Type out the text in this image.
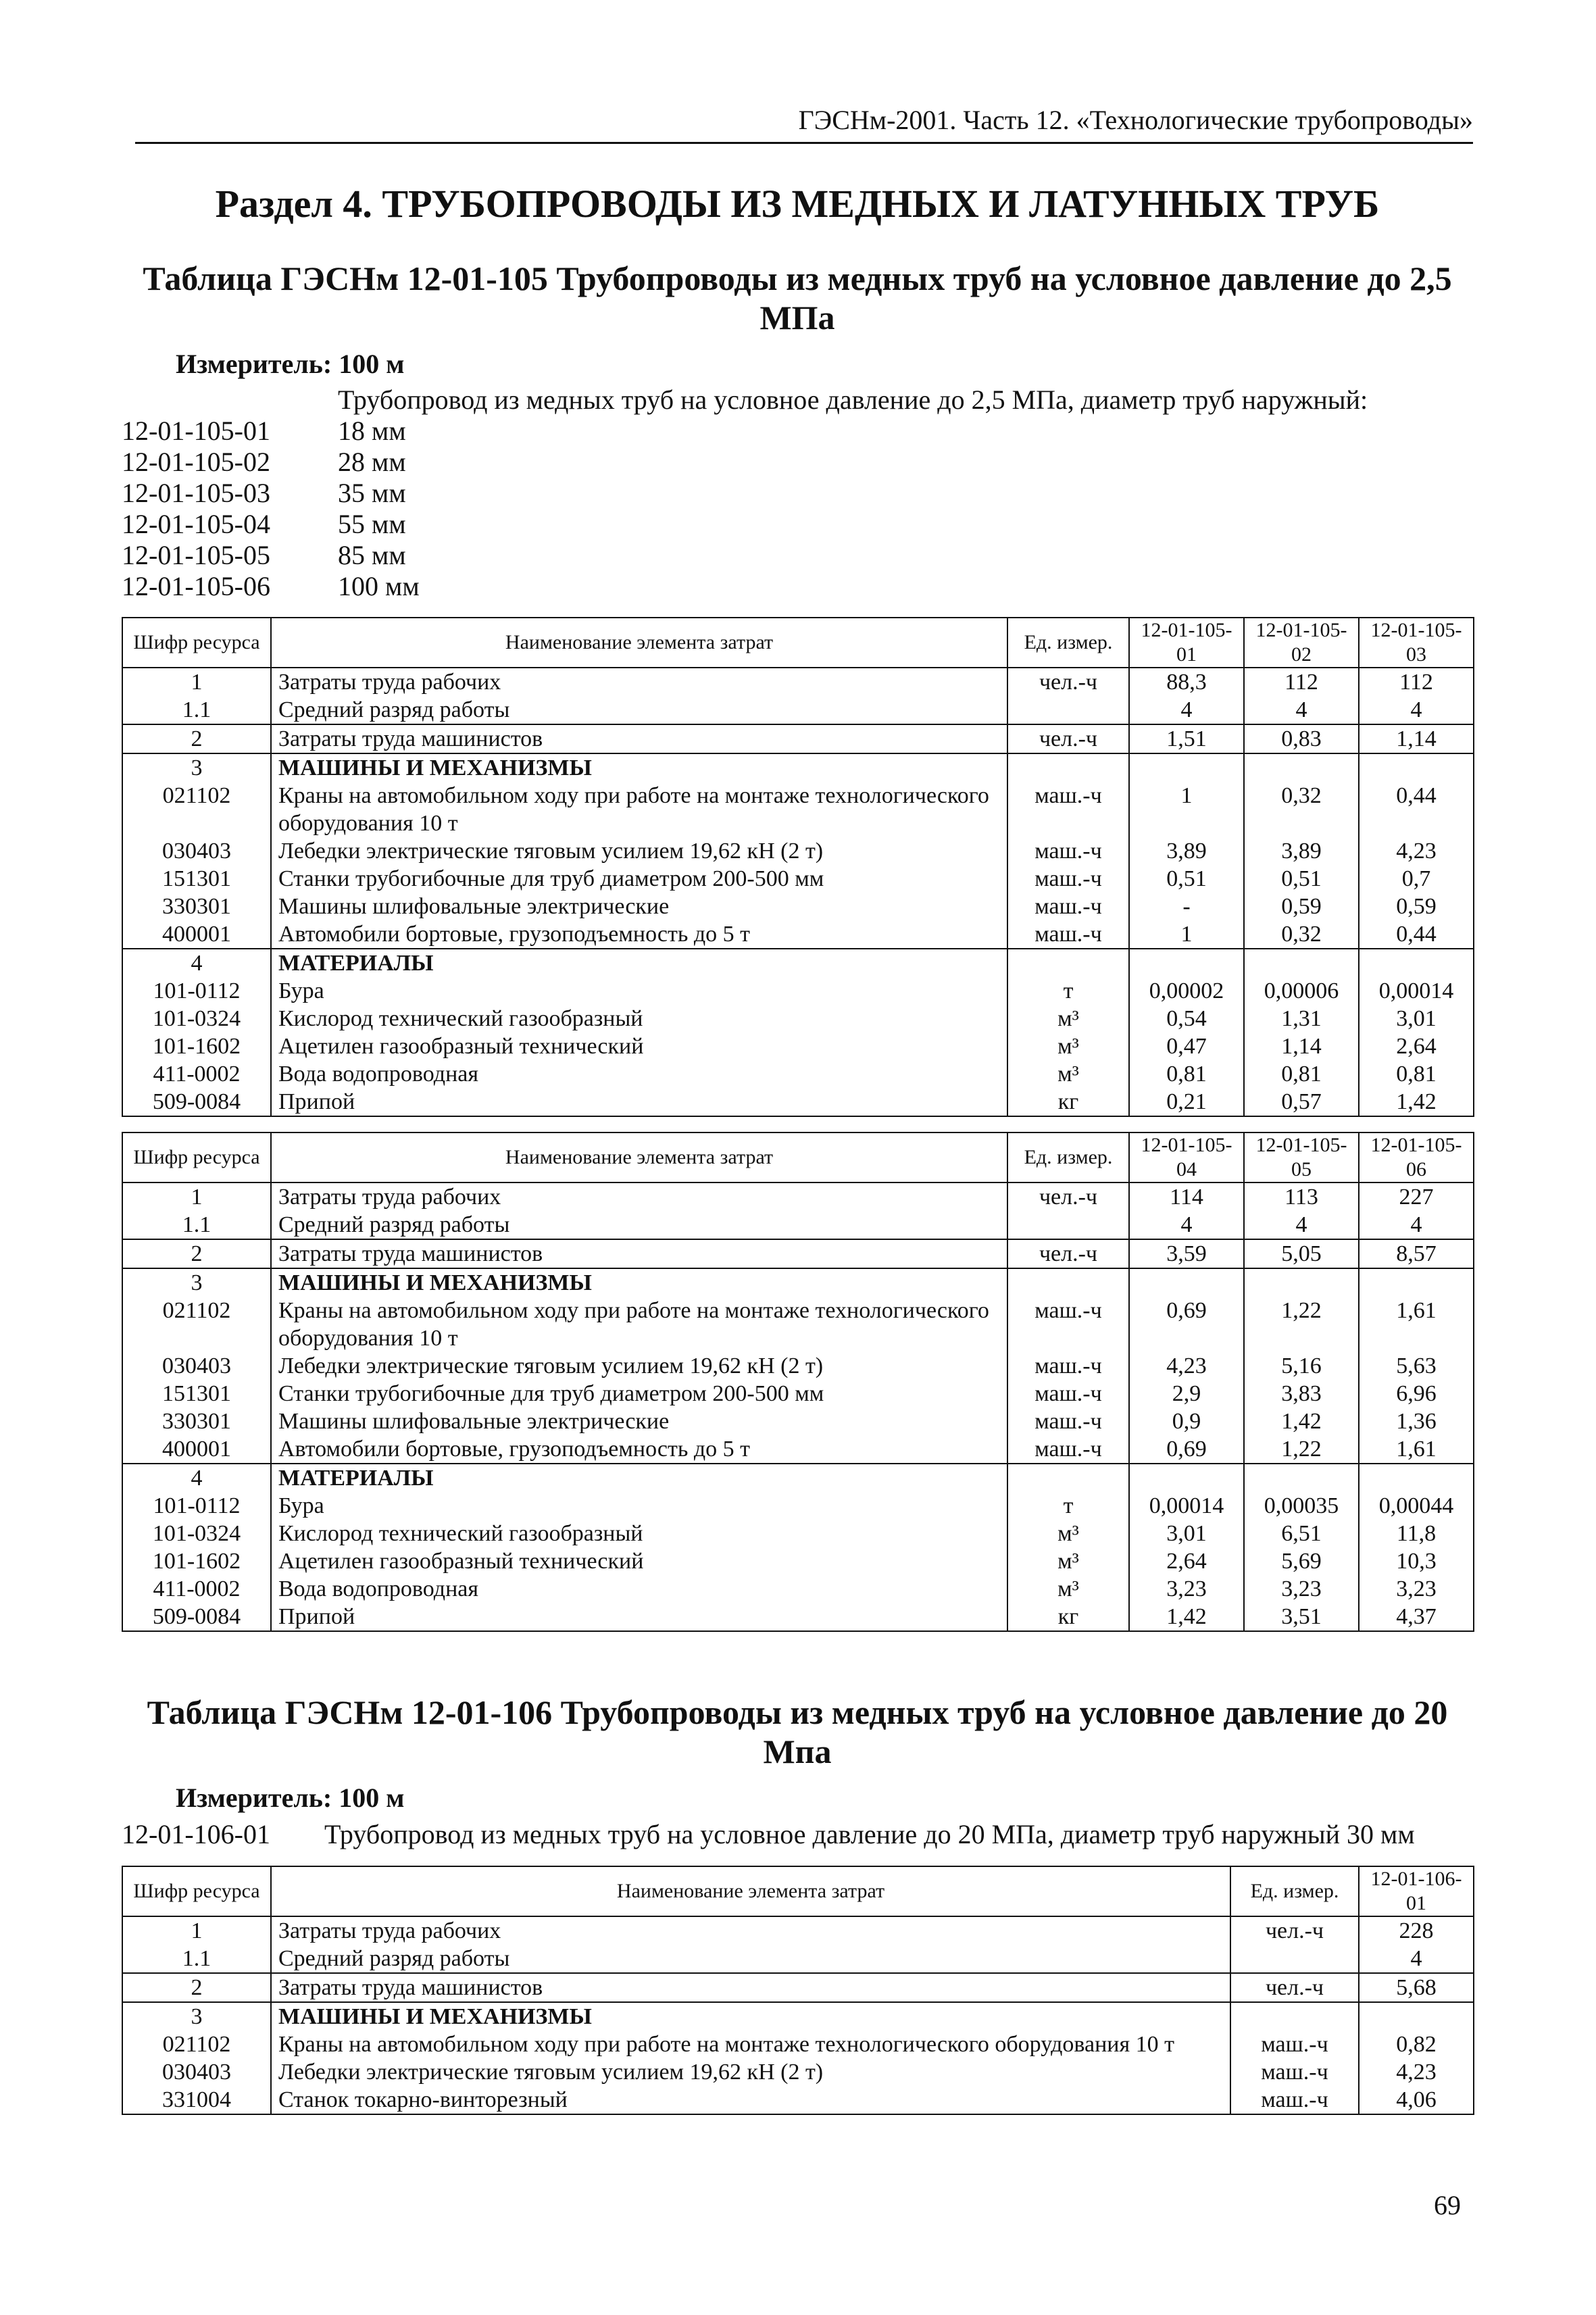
ГЭСНм-2001. Часть 12. «Технологические трубопроводы»
Раздел 4. ТРУБОПРОВОДЫ ИЗ МЕДНЫХ И ЛАТУННЫХ ТРУБ
Таблица ГЭСНм 12-01-105 Трубопроводы из медных труб на условное давление до 2,5 МПа
Измеритель: 100 м
Трубопровод из медных труб на условное давление до 2,5 МПа, диаметр труб наружный:
12-01-105-01	18 мм
12-01-105-02	28 мм
12-01-105-03	35 мм
12-01-105-04	55 мм
12-01-105-05	85 мм
12-01-105-06	100 мм
Шифр ресурса	Наименование элемента затрат	Ед. измер.	12-01-105-01	12-01-105-02	12-01-105-03
1	Затраты труда рабочих	чел.-ч	88,3	112	112
1.1	Средний разряд работы		4	4	4
2	Затраты труда машинистов	чел.-ч	1,51	0,83	1,14
3	МАШИНЫ И МЕХАНИЗМЫ				
021102	Краны на автомобильном ходу при работе на монтаже технологического оборудования 10 т	маш.-ч	1	0,32	0,44
030403	Лебедки электрические тяговым усилием 19,62 кН (2 т)	маш.-ч	3,89	3,89	4,23
151301	Станки трубогибочные для труб диаметром 200-500 мм	маш.-ч	0,51	0,51	0,7
330301	Машины шлифовальные электрические	маш.-ч	-	0,59	0,59
400001	Автомобили бортовые, грузоподъемность до 5 т	маш.-ч	1	0,32	0,44
4	МАТЕРИАЛЫ				
101-0112	Бура	т	0,00002	0,00006	0,00014
101-0324	Кислород технический газообразный	м³	0,54	1,31	3,01
101-1602	Ацетилен газообразный технический	м³	0,47	1,14	2,64
411-0002	Вода водопроводная	м³	0,81	0,81	0,81
509-0084	Припой	кг	0,21	0,57	1,42
Шифр ресурса	Наименование элемента затрат	Ед. измер.	12-01-105-04	12-01-105-05	12-01-105-06
1	Затраты труда рабочих	чел.-ч	114	113	227
1.1	Средний разряд работы		4	4	4
2	Затраты труда машинистов	чел.-ч	3,59	5,05	8,57
3	МАШИНЫ И МЕХАНИЗМЫ				
021102	Краны на автомобильном ходу при работе на монтаже технологического оборудования 10 т	маш.-ч	0,69	1,22	1,61
030403	Лебедки электрические тяговым усилием 19,62 кН (2 т)	маш.-ч	4,23	5,16	5,63
151301	Станки трубогибочные для труб диаметром 200-500 мм	маш.-ч	2,9	3,83	6,96
330301	Машины шлифовальные электрические	маш.-ч	0,9	1,42	1,36
400001	Автомобили бортовые, грузоподъемность до 5 т	маш.-ч	0,69	1,22	1,61
4	МАТЕРИАЛЫ				
101-0112	Бура	т	0,00014	0,00035	0,00044
101-0324	Кислород технический газообразный	м³	3,01	6,51	11,8
101-1602	Ацетилен газообразный технический	м³	2,64	5,69	10,3
411-0002	Вода водопроводная	м³	3,23	3,23	3,23
509-0084	Припой	кг	1,42	3,51	4,37
Таблица ГЭСНм 12-01-106 Трубопроводы из медных труб на условное давление до 20 Мпа
Измеритель: 100 м
12-01-106-01	Трубопровод из медных труб на условное давление до 20 МПа, диаметр труб наружный 30 мм
Шифр ресурса	Наименование элемента затрат	Ед. измер.	12-01-106-01
1	Затраты труда рабочих	чел.-ч	228
1.1	Средний разряд работы		4
2	Затраты труда машинистов	чел.-ч	5,68
3	МАШИНЫ И МЕХАНИЗМЫ		
021102	Краны на автомобильном ходу при работе на монтаже технологического оборудования 10 т	маш.-ч	0,82
030403	Лебедки электрические тяговым усилием 19,62 кН (2 т)	маш.-ч	4,23
331004	Станок токарно-винторезный	маш.-ч	4,06
69
